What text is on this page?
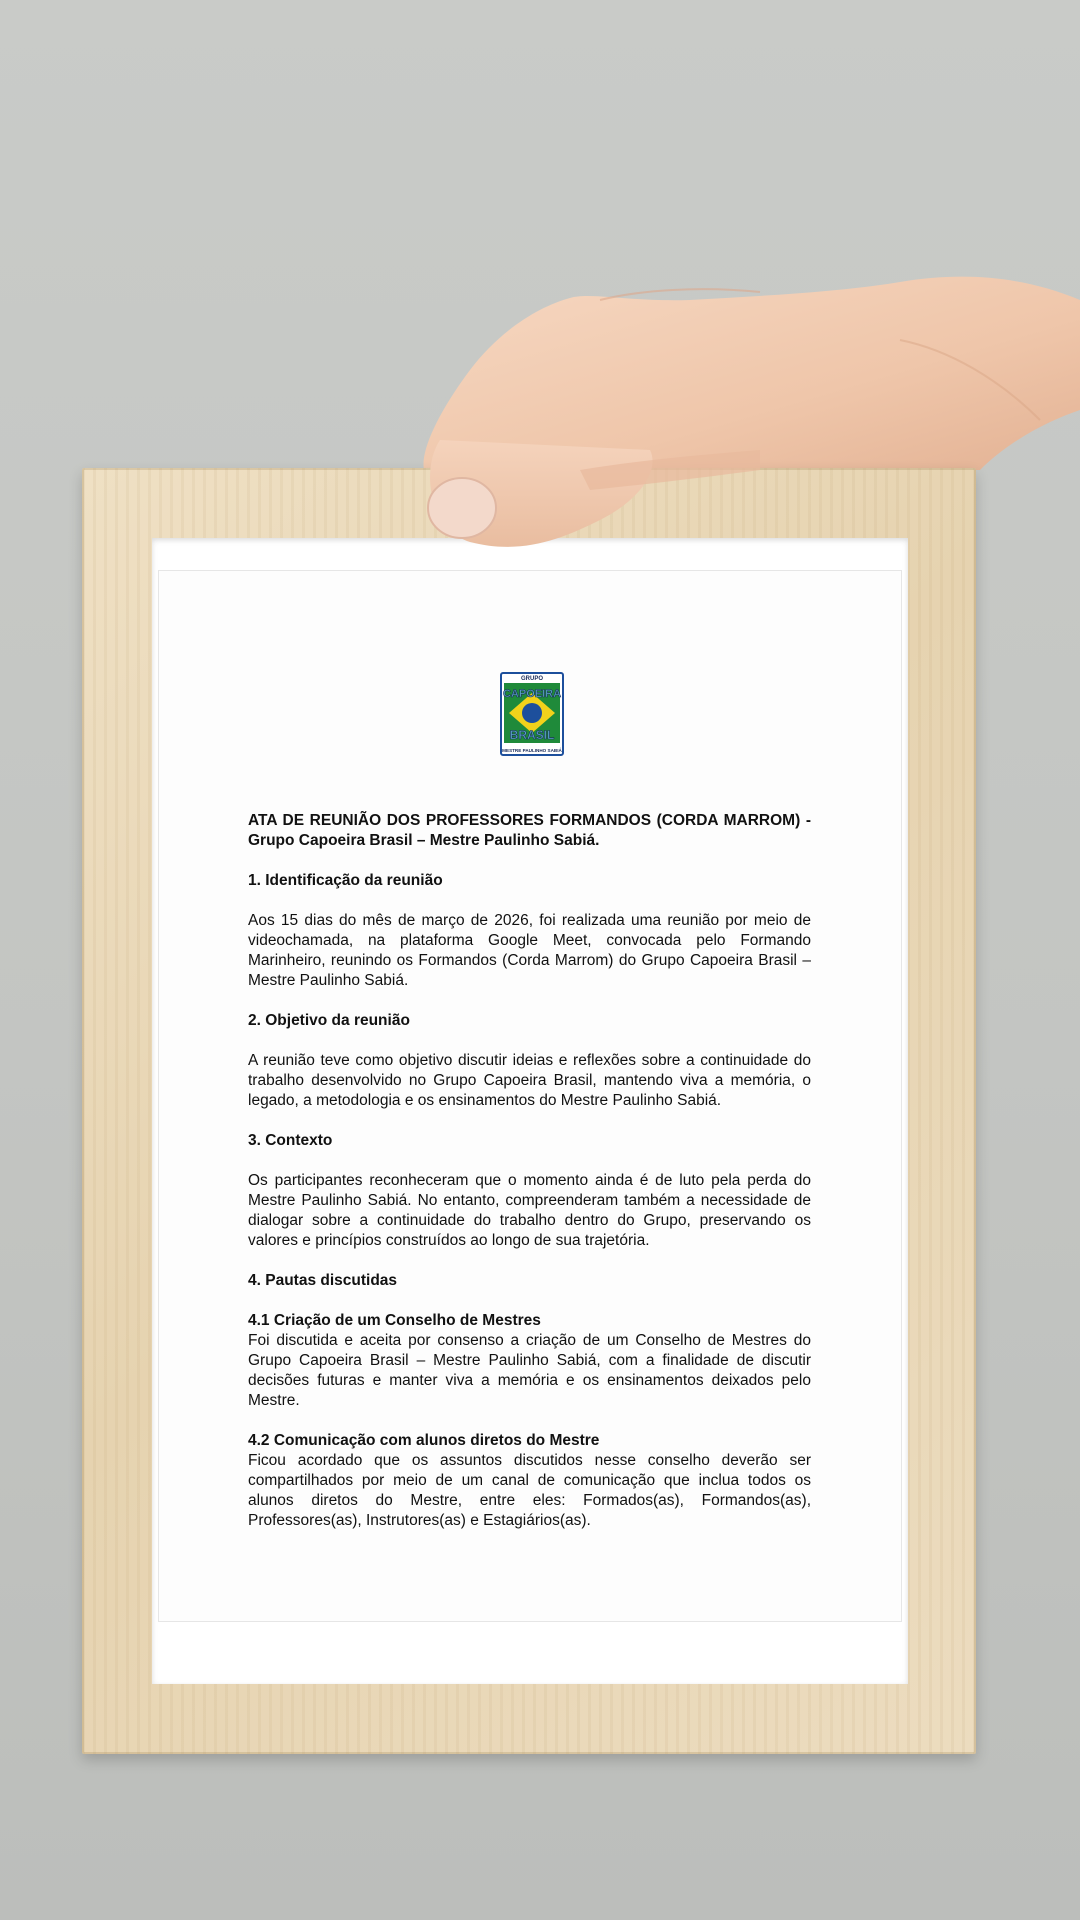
GRUPO
CAPOEIRA
BRASIL
MESTRE PAULINHO SABIÁ

ATA DE REUNIÃO DOS PROFESSORES FORMANDOS (CORDA MARROM) - Grupo Capoeira Brasil – Mestre Paulinho Sabiá.

1. Identificação da reunião

Aos 15 dias do mês de março de 2026, foi realizada uma reunião por meio de videochamada, na plataforma Google Meet, convocada pelo Formando Marinheiro, reunindo os Formandos (Corda Marrom) do Grupo Capoeira Brasil – Mestre Paulinho Sabiá.

2. Objetivo da reunião

A reunião teve como objetivo discutir ideias e reflexões sobre a continuidade do trabalho desenvolvido no Grupo Capoeira Brasil, mantendo viva a memória, o legado, a metodologia e os ensinamentos do Mestre Paulinho Sabiá.

3. Contexto

Os participantes reconheceram que o momento ainda é de luto pela perda do Mestre Paulinho Sabiá. No entanto, compreenderam também a necessidade de dialogar sobre a continuidade do trabalho dentro do Grupo, preservando os valores e princípios construídos ao longo de sua trajetória.

4. Pautas discutidas

4.1 Criação de um Conselho de Mestres

Foi discutida e aceita por consenso a criação de um Conselho de Mestres do Grupo Capoeira Brasil – Mestre Paulinho Sabiá, com a finalidade de discutir decisões futuras e manter viva a memória e os ensinamentos deixados pelo Mestre.

4.2 Comunicação com alunos diretos do Mestre

Ficou acordado que os assuntos discutidos nesse conselho deverão ser compartilhados por meio de um canal de comunicação que inclua todos os alunos diretos do Mestre, entre eles: Formados(as), Formandos(as), Professores(as), Instrutores(as) e Estagiários(as).
